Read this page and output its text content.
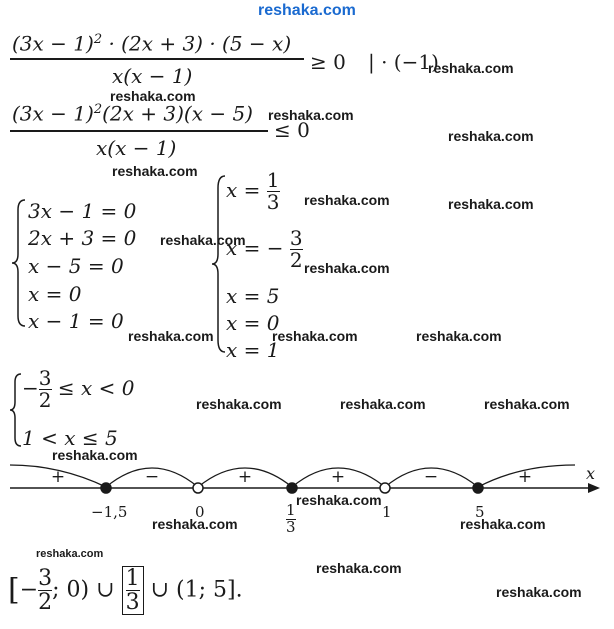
reshaka.com
reshaka.com
reshaka.com
reshaka.com
reshaka.com
reshaka.com
reshaka.com	reshaka.com
reshaka.com
reshaka.com
reshaka.com	reshaka.com	reshaka.com
reshaka.com	reshaka.com	reshaka.com
reshaka.com
reshaka.com
reshaka.com	reshaka.com
reshaka.com
reshaka.com
reshaka.com
$(3x - 1)^2 \cdot (2x + 3) \cdot (5 - x)$
x(x − 1)
≥ 0 | · (−1)
$(3x - 1)^2(2x + 3)(x - 5)$
x(x − 1)
≤ 0
3x − 1 = 0
2x + 3 = 0
x − 5 = 0
x = 0
x − 1 = 0
$x = \frac{1}{3}$
x = − $\frac{3}{2}$
x = 5
x = 0
x = 1
− $\frac{3}{2} \le x < 0$
1 < x ≤ 5
+	−	+	+	−	+	x
−1,5	0	$\frac{1}{3}$	1	5
[− $\frac{3}{2}$ ; 0) ∪ $\frac{1}{3}$ ∪ (1; 5].
